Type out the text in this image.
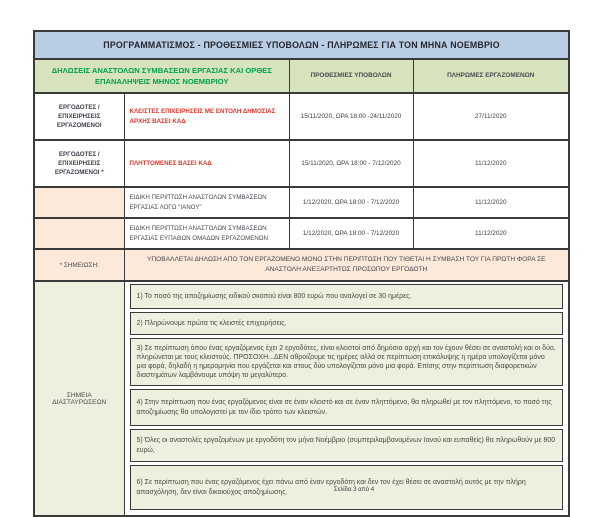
ΠΡΟΓΡΑΜΜΑΤΙΣΜΟΣ - ΠΡΟΘΕΣΜΙΕΣ ΥΠΟΒΟΛΩΝ - ΠΛΗΡΩΜΕΣ ΓΙΑ ΤΟΝ ΜΗΝΑ ΝΟΕΜΒΡΙΟ			
ΔΗΛΩΣΕΙΣ ΑΝΑΣΤΟΛΩΝ ΣΥΜΒΑΣΕΩΝ ΕΡΓΑΣΙΑΣ ΚΑΙ ΟΡΘΕΣ ΕΠΑΝΑΛΗΨΕΙΣ ΜΗΝΟΣ ΝΟΕΜΒΡΙΟΥ		ΠΡΟΘΕΣΜΙΕΣ ΥΠΟΒΟΛΩΝ	ΠΛΗΡΩΜΕΣ ΕΡΓΑΖΟΜΕΝΩΝ
ΕΡΓΟΔΟΤΕΣ / ΕΠΙΧΕΙΡΗΣΕΙΣ ΕΡΓΑΖΟΜΕΝΟΙ	ΚΛΕΙΣΤΕΣ ΕΠΙΧΕΙΡΗΣΕΙΣ ΜΕ ΕΝΤΟΛΗ ΔΗΜΟΣΙΑΣ ΑΡΧΗΣ ΒΑΣΕΙ ΚΑΔ	15/11/2020, ΩΡΑ 18:00 -24/11/2020	27/11/2020
ΕΡΓΟΔΟΤΕΣ / ΕΠΙΧΕΙΡΗΣΕΙΣ ΕΡΓΑΖΟΜΕΝΟΙ *	ΠΛΗΤΤΟΜΕΝΕΣ ΒΑΣΕΙ ΚΑΔ	15/11/2020, ΩΡΑ 18:00 - 7/12/2020	11/12/2020
	ΕΙΔΙΚΗ ΠΕΡΙΠΤΩΣΗ ΑΝΑΣΤΟΛΩΝ ΣΥΜΒΑΣΕΩΝ ΕΡΓΑΣΙΑΣ ΛΟΓΩ "ΙΑΝΟΥ"	1/12/2020, ΩΡΑ 18:00 - 7/12/2020	11/12/2020
	ΕΙΔΙΚΗ ΠΕΡΙΠΤΩΣΗ ΑΝΑΣΤΟΛΩΝ ΣΥΜΒΑΣΕΩΝ ΕΡΓΑΣΙΑΣ ΕΥΠΑΘΩΝ ΟΜΑΔΩΝ ΕΡΓΑΖΟΜΕΝΩΝ	1/12/2020, ΩΡΑ 18:00 - 7/12/2020	11/12/2020
* ΣΗΜΕΙΩΣΗ:	ΥΠΟΒΑΛΛΕΤΑΙ ΔΗΛΩΣΗ ΑΠΟ ΤΟΝ ΕΡΓΑΖΟΜΕΝΟ ΜΟΝΟ ΣΤΗΝ ΠΕΡΙΠΤΩΣΗ ΠΟΥ ΤΙΘΕΤΑΙ Η ΣΥΜΒΑΣΗ ΤΟΥ ΓΙΑ ΠΡΩΤΗ ΦΟΡΑ ΣΕ ΑΝΑΣΤΟΛΗ ΑΝΕΞΑΡΤΗΤΩΣ ΠΡΟΣΩΠΟΥ ΕΡΓΟΔΟΤΗ		
ΣΗΜΕΙΑ ΔΙΑΣΤΑΥΡΩΣΕΩΝ	
1) Το ποσό της αποζημίωσης ειδικού σκοπού είναι 800 ευρώ που αναλογεί σε 30 ημέρες.
2) Πληρώνουμε πρώτα τις κλειστές επιχειρήσεις.
3) Σε περίπτωση όπου ένας εργαζόμενος έχει 2 εργοδότες, είναι κλειστοί από δημόσια αρχή και τον έχουν θέσει σε αναστολή και οι δύο, πληρώνεται με τους κλειστούς. ΠΡΟΣΟΧΗ...ΔΕΝ αθροίζουμε τις ημέρες αλλά σε περίπτωση επικάλυψης η ημέρα υπολογίζεται μόνο μια φορά, δηλαδή η ημερομηνία που εργάζεται και στους δύο υπολογίζεται μόνο μια φορά. Επίσης στην περίπτωση διαφορετικών διαστημάτων λαμβάνουμε υπόψη το μεγαλύτερο.
4) Στην περίπτωση που ένας εργαζόμενος είναι σε έναν κλειστό και σε έναν πληττόμενο, θα πληρωθεί με τον πληττόμενο, το ποσό της αποζημίωσης θα υπολογιστεί με τον ίδιο τρόπο των κλειστών.
5) Όλες οι αναστολές εργαζομένων με εργοδότη τον μήνα Νοέμβριο (συμπεριλαμβανομένων Ιανού και ευπαθείς) θα πληρωθούν με 800 ευρώ,
6) Σε περίπτωση που ένας εργαζόμενος έχει πάνω από έναν εργοδότη και δεν τον έχει θέσει σε αναστολή αυτός με την πλήρη απασχόληση, δεν είναι δικαιούχος αποζημίωσης.	Σελίδα 3 από 4
